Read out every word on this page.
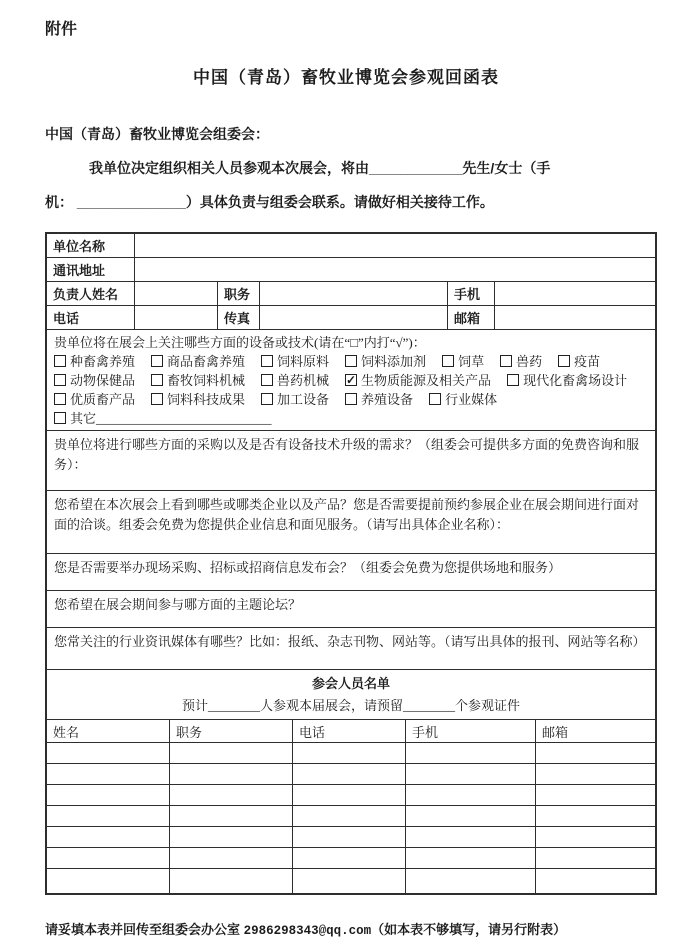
附件
中国（青岛）畜牧业博览会参观回函表
中国（青岛）畜牧业博览会组委会：
我单位决定组织相关人员参观本次展会，将由____________先生/女士（手
机： ______________）具体负责与组委会联系。请做好相关接待工作。
单位名称
通讯地址
负责人姓名	职务	手机
电话	传真	邮箱
贵单位将在展会上关注哪些方面的设备或技术(请在“□”内打“√”)：
种畜禽养殖 商品畜禽养殖 饲料原料 饲料添加剂 饲草 兽药 疫苗
动物保健品 畜牧饲料机械 兽药机械 ✓ 生物质能源及相关产品 现代化畜禽场设计
优质畜产品 饲料科技成果 加工设备 养殖设备 行业媒体
其它___________________________
贵单位将进行哪些方面的采购以及是否有设备技术升级的需求？（组委会可提供多方面的免费咨询和服务）：
您希望在本次展会上看到哪些或哪类企业以及产品？您是否需要提前预约参展企业在展会期间进行面对面的洽谈。组委会免费为您提供企业信息和面见服务。（请写出具体企业名称）：
您是否需要举办现场采购、招标或招商信息发布会？（组委会免费为您提供场地和服务）
您希望在展会期间参与哪方面的主题论坛？
您常关注的行业资讯媒体有哪些？比如：报纸、杂志刊物、网站等。（请写出具体的报刊、网站等名称）
参会人员名单
预计________人参观本届展会，请预留________个参观证件
姓名	职务	电话	手机	邮箱
请妥填本表并回传至组委会办公室 2986298343@qq.com（如本表不够填写，请另行附表）
